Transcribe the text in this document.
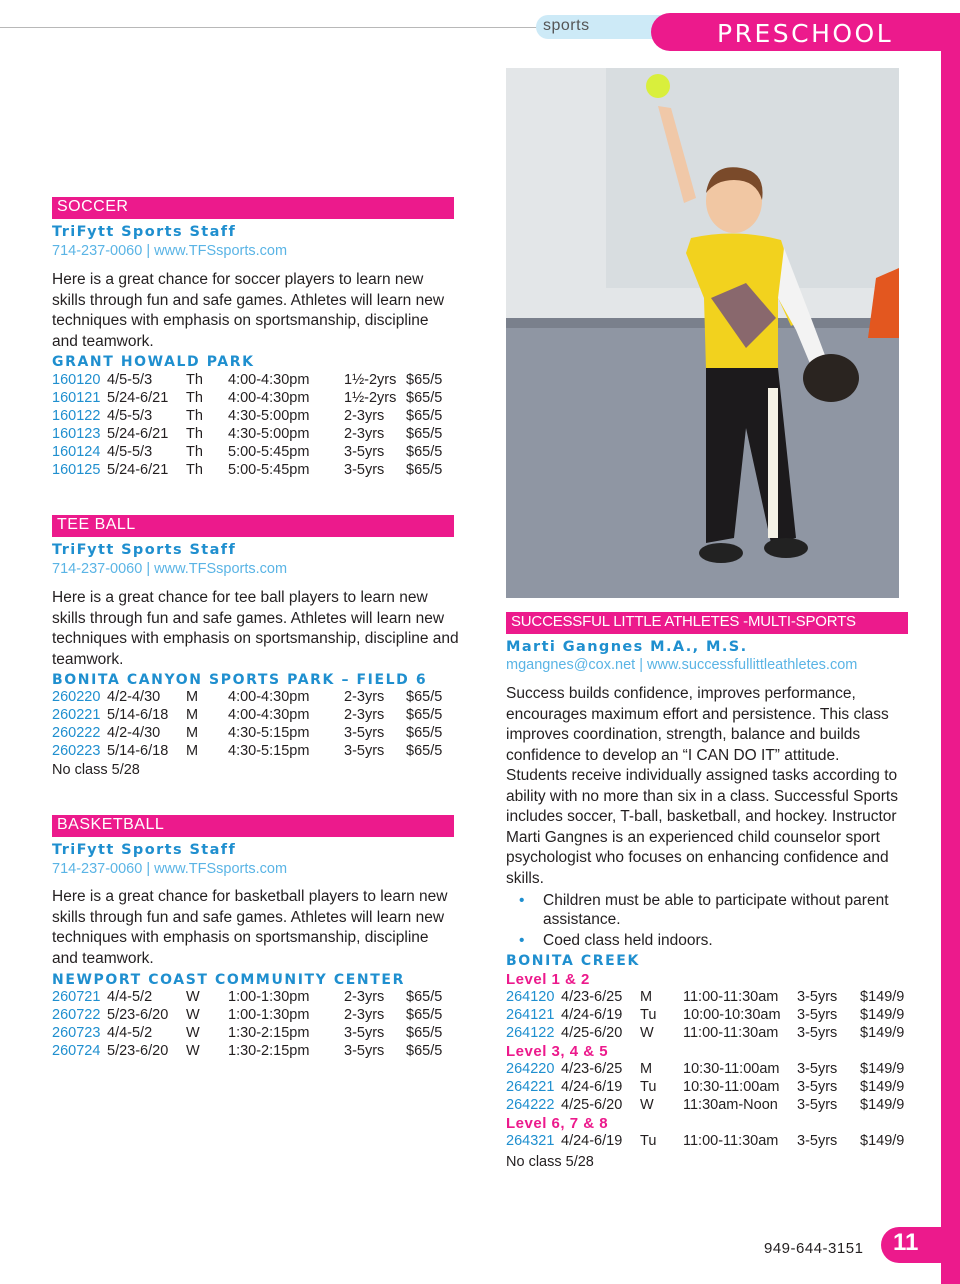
sports	PRESCHOOL
SOCCER
TriFytt Sports Staff
714-237-0060 | www.TFSsports.com
Here is a great chance for soccer players to learn new skills through fun and safe games. Athletes will learn new techniques with emphasis on sportsmanship, discipline and teamwork.
GRANT HOWALD PARK
160120 4/5-5/3 Th 4:00-4:30pm 1½-2yrs $65/5
160121 5/24-6/21 Th 4:00-4:30pm 1½-2yrs $65/5
160122 4/5-5/3 Th 4:30-5:00pm 2-3yrs $65/5
160123 5/24-6/21 Th 4:30-5:00pm 2-3yrs $65/5
160124 4/5-5/3 Th 5:00-5:45pm 3-5yrs $65/5
160125 5/24-6/21 Th 5:00-5:45pm 3-5yrs $65/5
TEE BALL
TriFytt Sports Staff
714-237-0060 | www.TFSsports.com
Here is a great chance for tee ball players to learn new skills through fun and safe games. Athletes will learn new techniques with emphasis on sportsmanship, discipline and teamwork.
BONITA CANYON SPORTS PARK – FIELD 6
260220 4/2-4/30 M 4:00-4:30pm 2-3yrs $65/5
260221 5/14-6/18 M 4:00-4:30pm 2-3yrs $65/5
260222 4/2-4/30 M 4:30-5:15pm 3-5yrs $65/5
260223 5/14-6/18 M 4:30-5:15pm 3-5yrs $65/5
No class 5/28
BASKETBALL
TriFytt Sports Staff
714-237-0060 | www.TFSsports.com
Here is a great chance for basketball players to learn new skills through fun and safe games. Athletes will learn new techniques with emphasis on sportsmanship, discipline and teamwork.
NEWPORT COAST COMMUNITY CENTER
260721 4/4-5/2 W 1:00-1:30pm 2-3yrs $65/5
260722 5/23-6/20 W 1:00-1:30pm 2-3yrs $65/5
260723 4/4-5/2 W 1:30-2:15pm 3-5yrs $65/5
260724 5/23-6/20 W 1:30-2:15pm 3-5yrs $65/5
SUCCESSFUL LITTLE ATHLETES -MULTI-SPORTS
Marti Gangnes M.A., M.S.
mgangnes@cox.net | www.successfullittleathletes.com
Success builds confidence, improves performance, encourages maximum effort and persistence. This class improves coordination, strength, balance and builds confidence to develop an “I CAN DO IT” attitude. Students receive individually assigned tasks according to ability with no more than six in a class. Successful Sports includes soccer, T-ball, basketball, and hockey. Instructor Marti Gangnes is an experienced child counselor sport psychologist who focuses on enhancing confidence and skills.
• Children must be able to participate without parent assistance.
• Coed class held indoors.
BONITA CREEK
Level 1 & 2
264120 4/23-6/25 M 11:00-11:30am 3-5yrs $149/9
264121 4/24-6/19 Tu 10:00-10:30am 3-5yrs $149/9
264122 4/25-6/20 W 11:00-11:30am 3-5yrs $149/9
Level 3, 4 & 5
264220 4/23-6/25 M 10:30-11:00am 3-5yrs $149/9
264221 4/24-6/19 Tu 10:30-11:00am 3-5yrs $149/9
264222 4/25-6/20 W 11:30am-Noon 3-5yrs $149/9
Level 6, 7 & 8
264321 4/24-6/19 Tu 11:00-11:30am 3-5yrs $149/9
No class 5/28
949-644-3151 11
